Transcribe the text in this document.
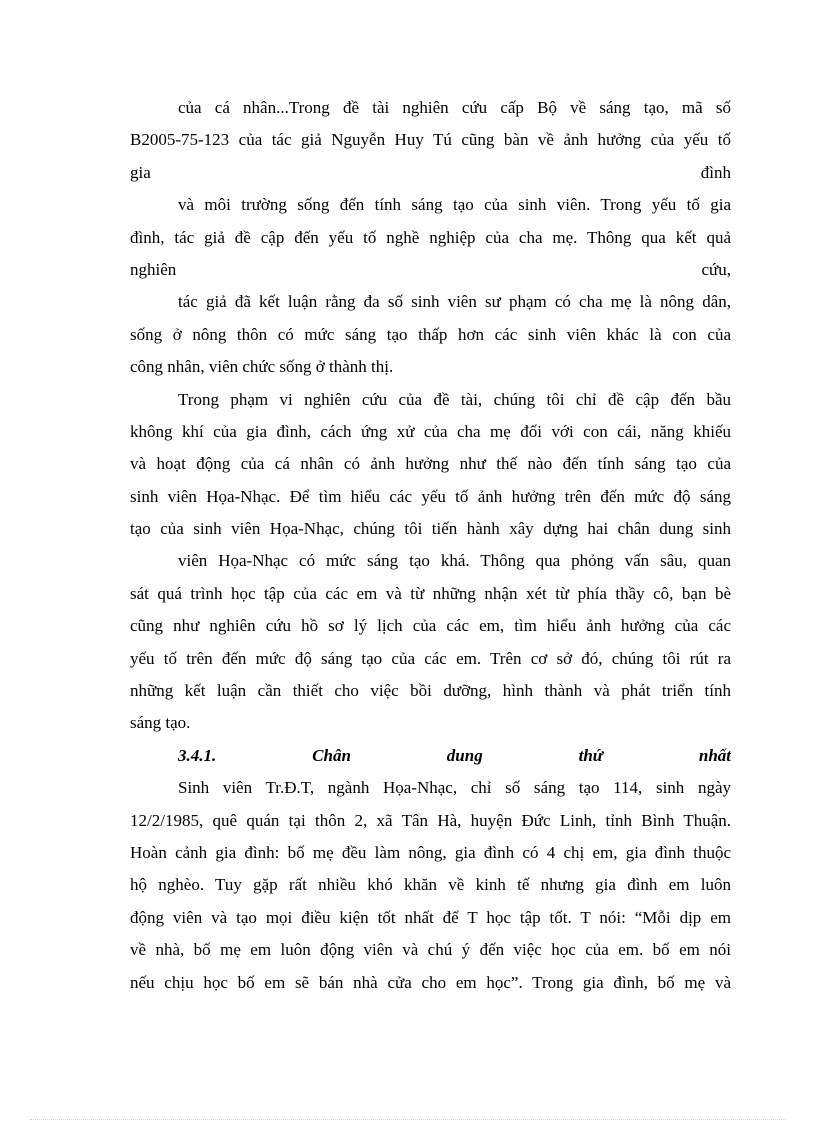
của cá nhân...Trong đề tài nghiên cứu cấp Bộ về sáng tạo, mã số
B2005-75-123 của tác giả Nguyễn Huy Tú cũng bàn về ảnh hưởng của yếu tố
gia đình
và môi trường sống đến tính sáng tạo của sinh viên. Trong yếu tố gia
đình, tác giả đề cập đến yếu tố nghề nghiệp của cha mẹ. Thông qua kết quả
nghiên cứu,
tác giả đã kết luận rằng đa số sinh viên sư phạm có cha mẹ là nông dân,
sống ở nông thôn có mức sáng tạo thấp hơn các sinh viên khác là con của
công nhân, viên chức sống ở thành thị.
Trong phạm vi nghiên cứu của đề tài, chúng tôi chỉ đề cập đến bầu
không khí của gia đình, cách ứng xử của cha mẹ đối với con cái, năng khiếu
và hoạt động của cá nhân có ảnh hưởng như thế nào đến tính sáng tạo của
sinh viên Họa-Nhạc. Để tìm hiểu các yếu tố ảnh hưởng trên đến mức độ sáng
tạo của sinh viên Họa-Nhạc, chúng tôi tiến hành xây dựng hai chân dung sinh
viên Họa-Nhạc có mức sáng tạo khá. Thông qua phỏng vấn sâu, quan
sát quá trình học tập của các em và từ những nhận xét từ phía thầy cô, bạn bè
cũng như nghiên cứu hồ sơ lý lịch của các em, tìm hiểu ảnh hưởng của các
yếu tố trên đến mức độ sáng tạo của các em. Trên cơ sở đó, chúng tôi rút ra
những kết luận cần thiết cho việc bồi dưỡng, hình thành và phát triển tính
sáng tạo.
3.4.1. Chân dung thứ nhất
Sinh viên Tr.Đ.T, ngành Họa-Nhạc, chỉ số sáng tạo 114, sinh ngày
12/2/1985, quê quán tại thôn 2, xã Tân Hà, huyện Đức Linh, tỉnh Bình Thuận.
Hoàn cảnh gia đình: bố mẹ đều làm nông, gia đình có 4 chị em, gia đình thuộc
hộ nghèo. Tuy gặp rất nhiều khó khăn về kinh tế nhưng gia đình em luôn
động viên và tạo mọi điều kiện tốt nhất để T học tập tốt. T nói: “Mỗi dịp em
về nhà, bố mẹ em luôn động viên và chú ý đến việc học của em. bố em nói
nếu chịu học bố em sẽ bán nhà cửa cho em học”. Trong gia đình, bố mẹ và
